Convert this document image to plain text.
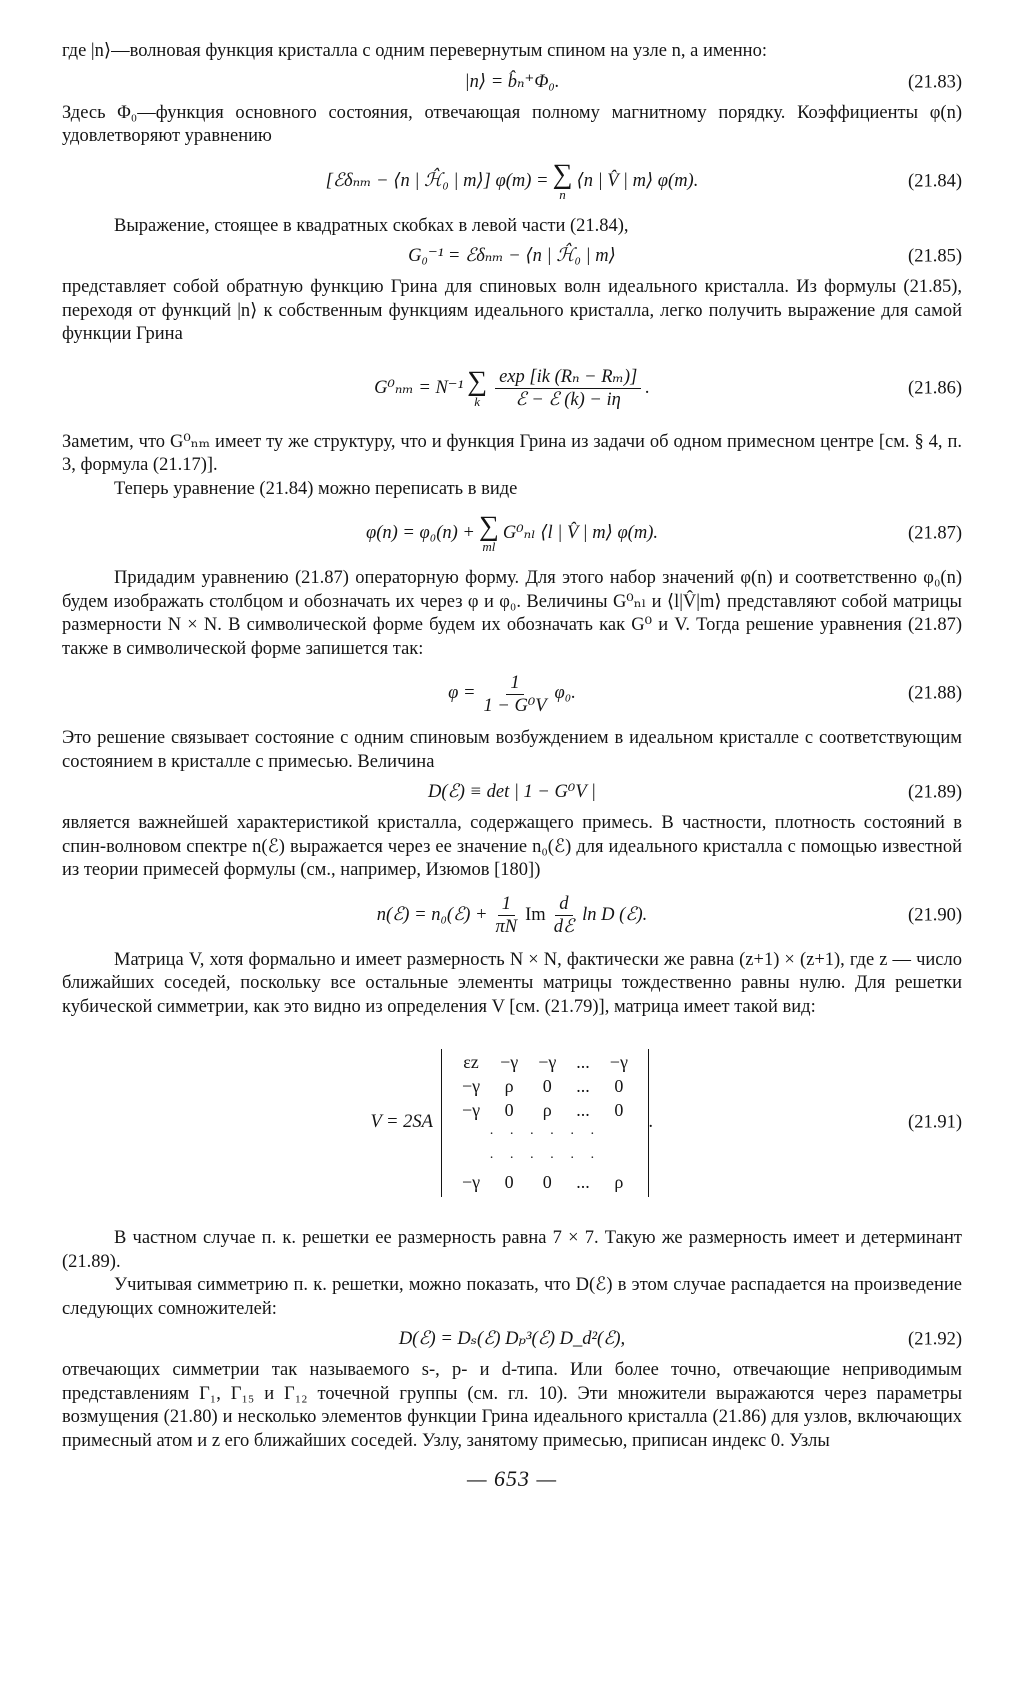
где |n⟩—волновая функция кристалла с одним перевернутым спином на узле n, а именно:

|n⟩ = b̂ₙ⁺Φ₀.	(21.83)

Здесь Φ₀—функция основного состояния, отвечающая полному магнитному порядку. Коэффициенты φ(n) удовлетворяют уравнению

[ℰδₙₘ − ⟨n | ℋ̂₀ | m⟩] φ(m) = ∑
n
⟨n | V̂ | m⟩ φ(m).	(21.84)

Выражение, стоящее в квадратных скобках в левой части (21.84),

G₀⁻¹ = ℰδₙₘ − ⟨n | ℋ̂₀ | m⟩	(21.85)

представляет собой обратную функцию Грина для спиновых волн идеального кристалла. Из формулы (21.85), переходя от функций |n⟩ к собственным функциям идеального кристалла, легко получить выражение для самой функции Грина

G⁰ₙₘ = N⁻¹ ∑
k $\frac{\text{exp [ik (Rₙ − Rₘ)]}}{\text{ℰ − ℰ (k) − iη}}$ .	(21.86)

Заметим, что G⁰ₙₘ имеет ту же структуру, что и функция Грина из задачи об одном примесном центре [см. § 4, п. 3, формула (21.17)].

Теперь уравнение (21.84) можно переписать в виде

φ(n) = φ₀(n) + ∑
ml
G⁰ₙₗ ⟨l | V̂ | m⟩ φ(m).	(21.87)

Придадим уравнению (21.87) операторную форму. Для этого набор значений φ(n) и соответственно φ₀(n) будем изображать столбцом и обозначать их через φ и φ₀. Величины G⁰ₙₗ и ⟨l|V̂|m⟩ представляют собой матрицы размерности N × N. В символической форме будем их обозначать как G⁰ и V. Тогда решение уравнения (21.87) также в символической форме запишется так:

$\varphi = \frac{1}{\text{1 − G⁰V}} \varphi_0$.	(21.88)

Это решение связывает состояние с одним спиновым возбуждением в идеальном кристалле с соответствующим состоянием в кристалле с примесью. Величина

D(ℰ) ≡ det | 1 − G⁰V |	(21.89)

является важнейшей характеристикой кристалла, содержащего примесь. В частности, плотность состояний в спин-волновом спектре n(ℰ) выражается через ее значение n₀(ℰ) для идеального кристалла с помощью известной из теории примесей формулы (см., например, Изюмов [180])

n(ℰ) = n₀(ℰ) + $\frac{1}{\pi N}$ Im $\frac{d}{\text{dℰ}}$ ln D (ℰ).	(21.90)

Матрица V, хотя формально и имеет размерность N × N, фактически же равна (z+1) × (z+1), где z — число ближайших соседей, поскольку все остальные элементы матрицы тождественно равны нулю. Для решетки кубической симметрии, как это видно из определения V [см. (21.79)], матрица имеет такой вид:

V = 2SA
εz	−γ	−γ	...	−γ
−γ	ρ	0	...	0
−γ	0	ρ	...	0
· · · · · ·				
· · · · · ·				
−γ	0	0	...	ρ
.	(21.91)

В частном случае п. к. решетки ее размерность равна 7 × 7. Такую же размерность имеет и детерминант (21.89).

Учитывая симметрию п. к. решетки, можно показать, что D(ℰ) в этом случае распадается на произведение следующих сомножителей:

D(ℰ) = Dₛ(ℰ) Dₚ³(ℰ) D_d²(ℰ),	(21.92)

отвечающих симметрии так называемого s-, p- и d-типа. Или более точно, отвечающие неприводимым представлениям Γ₁, Γ₁₅ и Γ₁₂ точечной группы (см. гл. 10). Эти множители выражаются через параметры возмущения (21.80) и несколько элементов функции Грина идеального кристалла (21.86) для узлов, включающих примесный атом и z его ближайших соседей. Узлу, занятому примесью, приписан индекс 0. Узлы

— 653 —
